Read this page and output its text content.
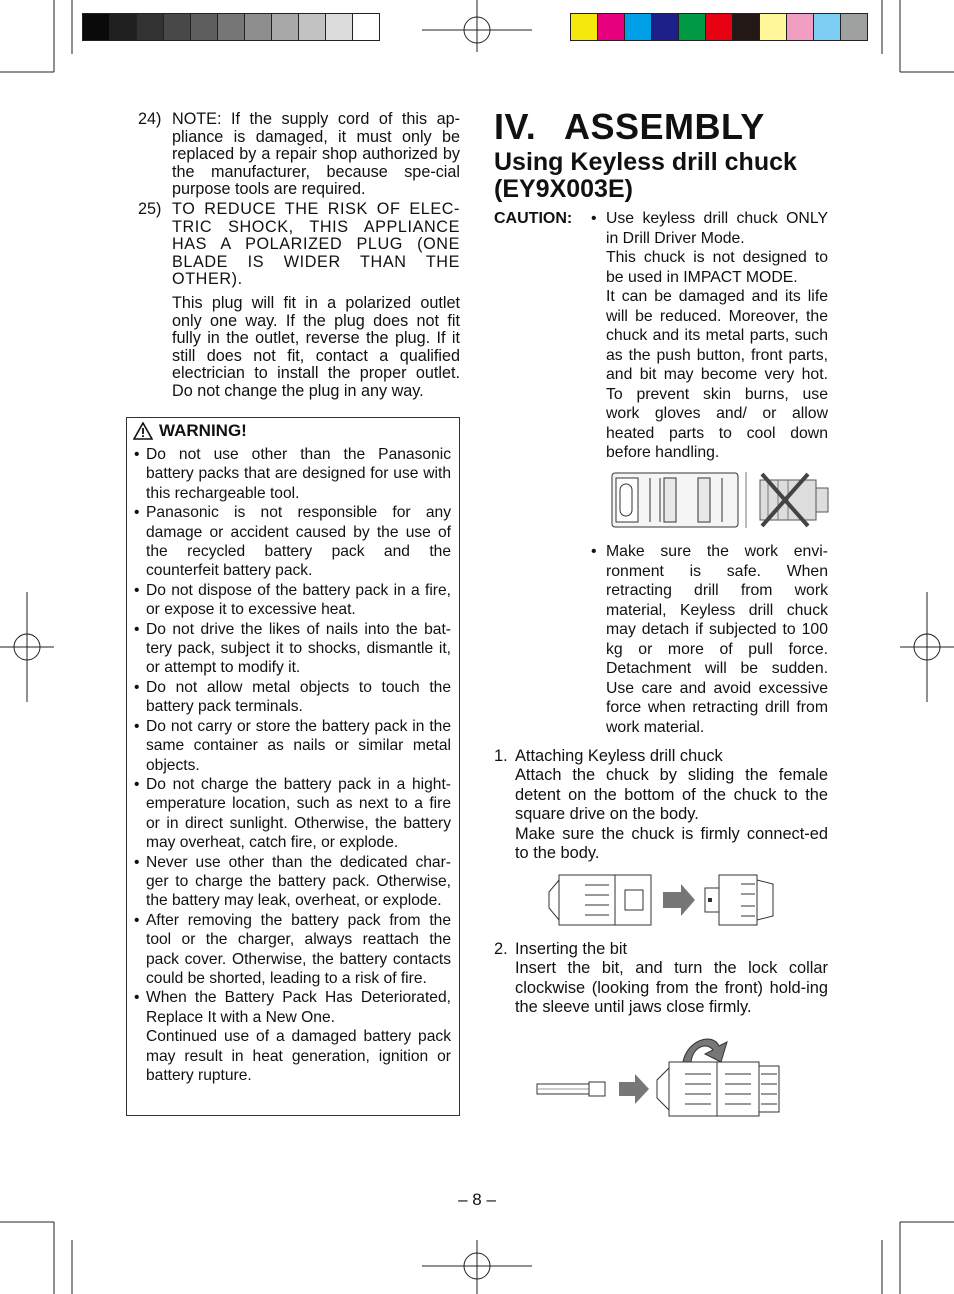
24) NOTE: If the supply cord of this ap-pliance is damaged, it must only be replaced by a repair shop authorized by the manufacturer, because spe-cial purpose tools are required.

25) TO REDUCE THE RISK OF ELEC-TRIC SHOCK, THIS APPLIANCE HAS A POLARIZED PLUG (ONE BLADE IS WIDER THAN THE OTHER).

This plug will fit in a polarized outlet only one way. If the plug does not fit fully in the outlet, reverse the plug. If it still does not fit, contact a qualified electrician to install the proper outlet. Do not change the plug in any way.

WARNING!

• Do not use other than the Panasonic battery packs that are designed for use with this rechargeable tool.

• Panasonic is not responsible for any damage or accident caused by the use of the recycled battery pack and the counterfeit battery pack.

• Do not dispose of the battery pack in a fire, or expose it to excessive heat.

• Do not drive the likes of nails into the bat-tery pack, subject it to shocks, dismantle it, or attempt to modify it.

• Do not allow metal objects to touch the battery pack terminals.

• Do not carry or store the battery pack in the same container as nails or similar metal objects.

• Do not charge the battery pack in a hight-emperature location, such as next to a fire or in direct sunlight. Otherwise, the battery may overheat, catch fire, or explode.

• Never use other than the dedicated char-ger to charge the battery pack. Otherwise, the battery may leak, overheat, or explode.

• After removing the battery pack from the tool or the charger, always reattach the pack cover. Otherwise, the battery contacts could be shorted, leading to a risk of fire.

• When the Battery Pack Has Deteriorated, Replace It with a New One.

Continued use of a damaged battery pack may result in heat generation, ignition or battery rupture.

IV. ASSEMBLY
Using Keyless drill chuck (EY9X003E)
CAUTION:

• Use keyless drill chuck ONLY in Drill Driver Mode.

This chuck is not designed to be used in IMPACT MODE.

It can be damaged and its life will be reduced. Moreover, the chuck and its metal parts, such as the push button, front parts, and bit may become very hot. To prevent skin burns, use work gloves and/ or allow heated parts to cool down before handling.

• Make sure the work envi-ronment is safe. When retracting drill from work material, Keyless drill chuck may detach if subjected to 100 kg or more of pull force. Detachment will be sudden. Use care and avoid excessive force when retracting drill from work material.

1. Attaching Keyless drill chuck

Attach the chuck by sliding the female detent on the bottom of the chuck to the square drive on the body.

Make sure the chuck is firmly connect-ed to the body.

2. Inserting the bit

Insert the bit, and turn the lock collar clockwise (looking from the front) hold-ing the sleeve until jaws close firmly.

– 8 –
